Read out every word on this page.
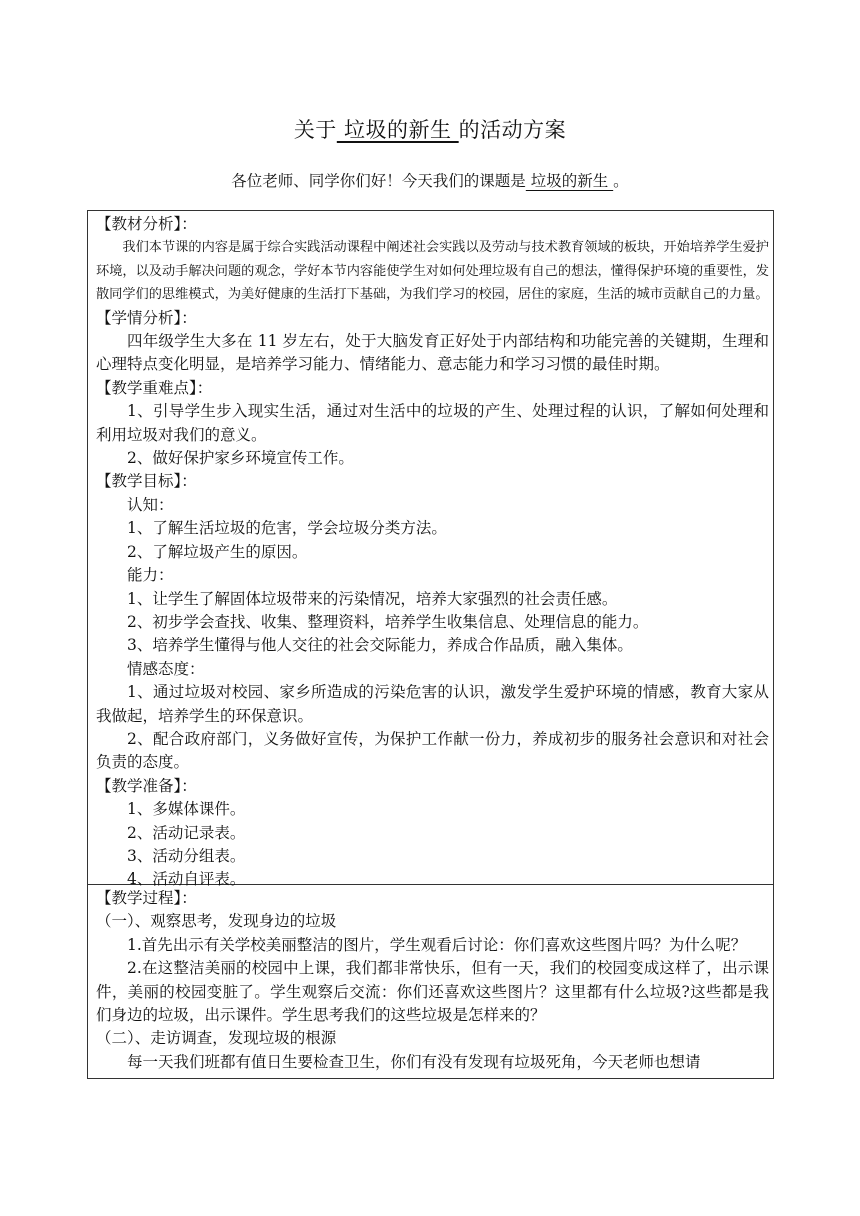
关于 垃圾的新生 的活动方案
各位老师、同学你们好！今天我们的课题是 垃圾的新生 。
【教材分析】：
我们本节课的内容是属于综合实践活动课程中阐述社会实践以及劳动与技术教育领域的板块，开始培养学生爱护环境，以及动手解决问题的观念，学好本节内容能使学生对如何处理垃圾有自己的想法，懂得保护环境的重要性，发散同学们的思维模式，为美好健康的生活打下基础，为我们学习的校园，居住的家庭，生活的城市贡献自己的力量。
【学情分析】：
四年级学生大多在 11 岁左右，处于大脑发育正好处于内部结构和功能完善的关键期，生理和心理特点变化明显，是培养学习能力、情绪能力、意志能力和学习习惯的最佳时期。
【教学重难点】：
1、引导学生步入现实生活，通过对生活中的垃圾的产生、处理过程的认识，了解如何处理和利用垃圾对我们的意义。
2、做好保护家乡环境宣传工作。
【教学目标】：
认知：
1、了解生活垃圾的危害，学会垃圾分类方法。
2、了解垃圾产生的原因。
能力：
1、让学生了解固体垃圾带来的污染情况，培养大家强烈的社会责任感。
2、初步学会查找、收集、整理资料，培养学生收集信息、处理信息的能力。
3、培养学生懂得与他人交往的社会交际能力，养成合作品质，融入集体。
情感态度：
1、通过垃圾对校园、家乡所造成的污染危害的认识，激发学生爱护环境的情感，教育大家从我做起，培养学生的环保意识。
2、配合政府部门，义务做好宣传，为保护工作献一份力，养成初步的服务社会意识和对社会负责的态度。
【教学准备】：
1、多媒体课件。
2、活动记录表。
3、活动分组表。
4、活动自评表。
【教学过程】：
（一）、观察思考，发现身边的垃圾
1.首先出示有关学校美丽整洁的图片，学生观看后讨论：你们喜欢这些图片吗？为什么呢？
2.在这整洁美丽的校园中上课，我们都非常快乐，但有一天，我们的校园变成这样了，出示课件，美丽的校园变脏了。学生观察后交流：你们还喜欢这些图片？这里都有什么垃圾?这些都是我们身边的垃圾，出示课件。学生思考我们的这些垃圾是怎样来的？
（二）、走访调查，发现垃圾的根源
每一天我们班都有值日生要检查卫生，你们有没有发现有垃圾死角，今天老师也想请
